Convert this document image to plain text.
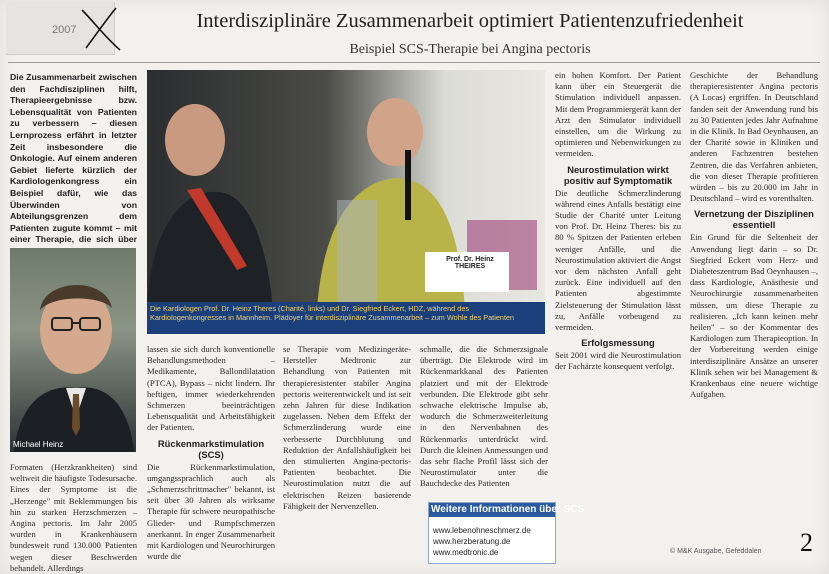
2007	Interdisziplinäre Zusammenarbeit optimiert Patientenzufriedenheit
Beispiel SCS-Therapie bei Angina pectoris
Die Zusammenarbeit zwischen den Fachdisziplinen hilft, Therapieergebnisse bzw. Lebensqualität von Patienten zu verbessern – diesen Lernprozess erfährt in letzter Zeit insbesondere die Onkologie. Auf einem anderen Gebiet lieferte kürzlich der Kardiologenkongress ein Beispiel dafür, wie das Überwinden von Abteilungsgrenzen dem Patienten zugute kommt – mit einer Therapie, die sich über
Michael Heinz
Prof. Dr. Heinz THEIRES
Die Kardiologen Prof. Dr. Heinz Theres (Charité, links) und Dr. Siegfried Eckert, HDZ, während des Kardiologenkongresses in Mannheim. Plädoyer für interdisziplinäre Zusammenarbeit – zum Wohle des Patienten

Formaten (Herzkrankheiten) sind weltweit die häufigste Todesursache. Eines der Symptome ist die „Herzenge" mit Beklemmungen bis hin zu starken Herzschmerzen – Angina pectoris. Im Jahr 2005 wurden in Krankenhäusern bundesweit rund 130.000 Patienten wegen dieser Beschwerden behandelt. Allerdings

lassen sie sich durch konventionelle Behandlungsmethoden – Medikamente, Ballondilatation (PTCA), Bypass – nicht lindern. Ihr heftigen, immer wiederkehrenden Schmerzen beeinträchtigen Lebensqualität und Arbeitsfähigkeit der Patienten.

Rückenmarkstimulation (SCS)

Die Rückenmarkstimulation, umgangssprachlich auch als „Schmerzschrittmacher" bekannt, ist seit über 30 Jahren als wirksame Therapie für schwere neuropathische Glieder- und Rumpfschmerzen anerkannt. In enger Zusammenarbeit mit Kardiologen und Neurochirurgen wurde die

se Therapie vom Medizingeräte-Hersteller Medtronic zur Behandlung von Patienten mit therapieresistenter stabiler Angina pectoris weiterentwickelt und ist seit zehn Jahren für diese Indikation zugelassen. Neben dem Effekt der Schmerzlinderung wurde eine verbesserte Durchblutung und Reduktion der Anfallshäufigkeit bei den stimulierten Angina-pectoris-Patienten beobachtet. Die Neurostimulation nutzt die auf elektrischen Reizen basierende Fähigkeit der Nervenzellen.

schmalle, die die Schmerzsignale überträgt. Die Elektrode wird im Rückenmarkkanal des Patienten platziert und mit der Elektrode verbunden. Die Elektrode gibt sehr schwache elektrische Impulse ab, wodurch die Schmerzweiterleitung in den Nervenbahnen des Rückenmarks unterdrückt wird. Durch die kleinen Anmessungen und das sehr flache Profil lässt sich der Neurostimulator unter die Bauchdecke des Patienten

ein hohen Komfort. Der Patient kann über ein Steuergerät die Stimulation individuell anpassen. Mit dem Programmiergerät kann der Arzt den Stimulator individuell einstellen, um die Wirkung zu optimieren und Nebenwirkungen zu vermeiden.

Neurostimulation wirkt positiv auf Symptomatik

Die deutliche Schmerzlinderung während eines Anfalls bestätigt eine Studie der Charité unter Leitung von Prof. Dr. Heinz Theres: bis zu 80 % Spitzen der Patienten erleben weniger Anfälle, und die Neurostimulation aktiviert die Angst vor dem nächsten Anfall geht zurück. Eine individuell auf den Patienten abgestimmte Zielsteuerung der Stimulation lässt zu, Anfälle vorbeugend zu vermeiden.

Erfolgsmessung

Seit 2001 wird die Neurostimulation der Fachärzte konsequent verfolgt.

Geschichte der Behandlung therapieresistenter Angina pectoris (A Locas) ergriffen. In Deutschland fanden seit der Anwendung rund bis zu 30 Patienten jedes Jahr Aufnahme in die Klinik. In Bad Oeynhausen, an der Charité sowie in Kliniken und anderen Fachzentren bestehen Zentren, die das Verfahren anbieten, die von dieser Therapie profitieren würden – bis zu 20.000 im Jahr in Deutschland – wird es vorenthalten.

Vernetzung der Disziplinen essentiell

Ein Grund für die Seltenheit der Anwendung liegt darin – so Dr. Siegfried Eckert vom Herz- und Diabeteszentrum Bad Oeynhausen –, dass Kardiologie, Anästhesie und Neurochirurgie zusammenarbeiten müssen, um diese Therapie zu realisieren. „Ich kann keinen mehr heilen" – so der Kommentar des Kardiologen zum Therapieoption. In der Vorbereitung werden einige interdisziplinäre Ansätze an unserer Klinik sehen wir bei Management & Krankenhaus eine neuere wichtige Aufgaben.

Weitere Informationen über SCS
www.lebenohneschmerz.de
www.herzberatung.de
www.medtronic.de	2
© M&K Ausgabe, Gefeddalen
